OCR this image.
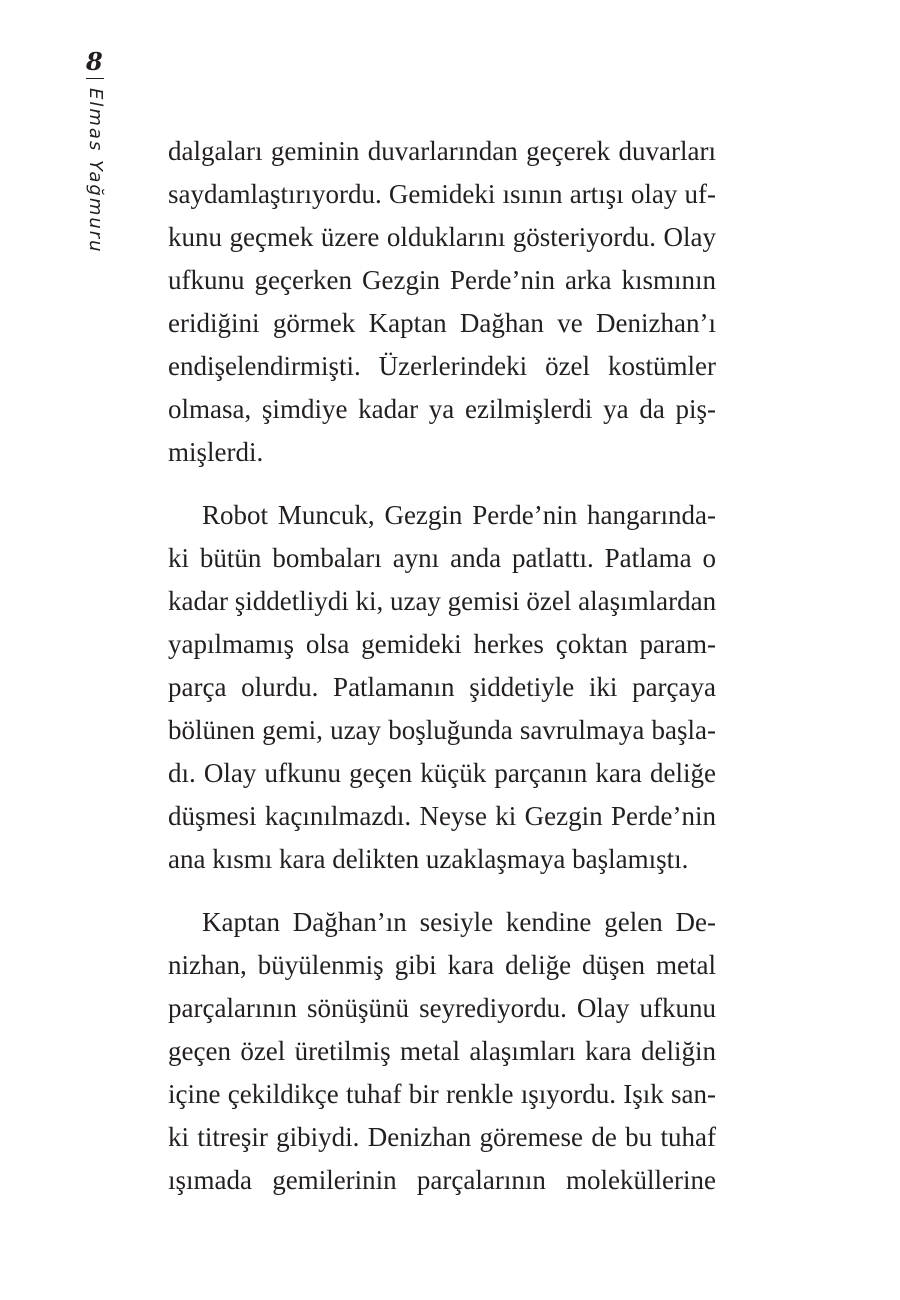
8
Elmas Yağmuru dalgaları geminin duvarlarından geçerek duvarları
saydamlaştırıyordu. Gemideki ısının artışı olay uf-
kunu geçmek üzere olduklarını gösteriyordu. Olay
ufkunu geçerken Gezgin Perde’nin arka kısmının
eridiğini görmek Kaptan Dağhan ve Denizhan’ı
endişelendirmişti. Üzerlerindeki özel kostümler
olmasa, şimdiye kadar ya ezilmişlerdi ya da piş-
mişlerdi.

Robot Muncuk, Gezgin Perde’nin hangarında-
ki bütün bombaları aynı anda patlattı. Patlama o
kadar şiddetliydi ki, uzay gemisi özel alaşımlardan
yapılmamış olsa gemideki herkes çoktan param-
parça olurdu. Patlamanın şiddetiyle iki parçaya
bölünen gemi, uzay boşluğunda savrulmaya başla-
dı. Olay ufkunu geçen küçük parçanın kara deliğe
düşmesi kaçınılmazdı. Neyse ki Gezgin Perde’nin
ana kısmı kara delikten uzaklaşmaya başlamıştı.

Kaptan Dağhan’ın sesiyle kendine gelen De-
nizhan, büyülenmiş gibi kara deliğe düşen metal
parçalarının sönüşünü seyrediyordu. Olay ufkunu
geçen özel üretilmiş metal alaşımları kara deliğin
içine çekildikçe tuhaf bir renkle ışıyordu. Işık san-
ki titreşir gibiydi. Denizhan göremese de bu tuhaf
ışımada gemilerinin parçalarının moleküllerine
